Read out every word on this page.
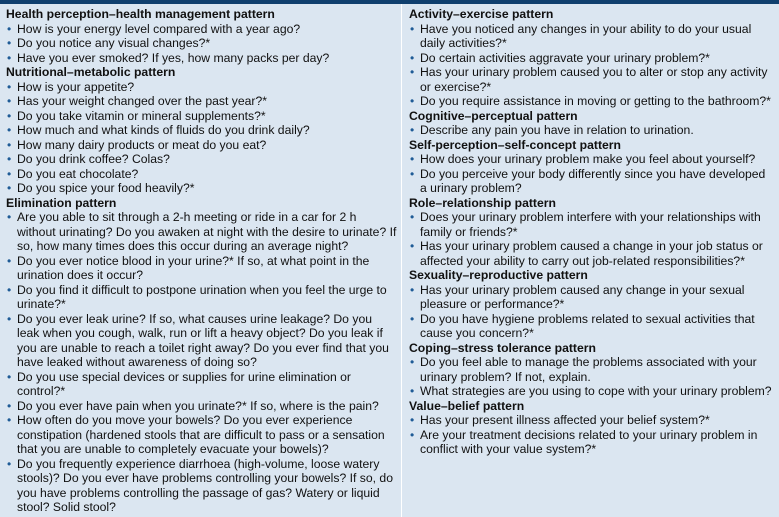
Health perception–health management pattern
• How is your energy level compared with a year ago?
• Do you notice any visual changes?*
• Have you ever smoked? If yes, how many packs per day?
Nutritional–metabolic pattern
• How is your appetite?
• Has your weight changed over the past year?*
• Do you take vitamin or mineral supplements?*
• How much and what kinds of fluids do you drink daily?
• How many dairy products or meat do you eat?
• Do you drink coffee? Colas?
• Do you eat chocolate?
• Do you spice your food heavily?*
Elimination pattern
• Are you able to sit through a 2-h meeting or ride in a car for 2 h without urinating? Do you awaken at night with the desire to urinate? If so, how many times does this occur during an average night?
• Do you ever notice blood in your urine?* If so, at what point in the urination does it occur?
• Do you find it difficult to postpone urination when you feel the urge to urinate?*
• Do you ever leak urine? If so, what causes urine leakage? Do you leak when you cough, walk, run or lift a heavy object? Do you leak if you are unable to reach a toilet right away? Do you ever find that you have leaked without awareness of doing so?
• Do you use special devices or supplies for urine elimination or control?*
• Do you ever have pain when you urinate?* If so, where is the pain?
• How often do you move your bowels? Do you ever experience constipation (hardened stools that are difficult to pass or a sensation that you are unable to completely evacuate your bowels)?
• Do you frequently experience diarrhoea (high-volume, loose watery stools)? Do you ever have problems controlling your bowels? If so, do you have problems controlling the passage of gas? Watery or liquid stool? Solid stool?
Activity–exercise pattern
• Have you noticed any changes in your ability to do your usual daily activities?*
• Do certain activities aggravate your urinary problem?*
• Has your urinary problem caused you to alter or stop any activity or exercise?*
• Do you require assistance in moving or getting to the bathroom?*
Cognitive–perceptual pattern
• Describe any pain you have in relation to urination.
Self-perception–self-concept pattern
• How does your urinary problem make you feel about yourself?
• Do you perceive your body differently since you have developed a urinary problem?
Role–relationship pattern
• Does your urinary problem interfere with your relationships with family or friends?*
• Has your urinary problem caused a change in your job status or affected your ability to carry out job-related responsibilities?*
Sexuality–reproductive pattern
• Has your urinary problem caused any change in your sexual pleasure or performance?*
• Do you have hygiene problems related to sexual activities that cause you concern?*
Coping–stress tolerance pattern
• Do you feel able to manage the problems associated with your urinary problem? If not, explain.
• What strategies are you using to cope with your urinary problem?
Value–belief pattern
• Has your present illness affected your belief system?*
• Are your treatment decisions related to your urinary problem in conflict with your value system?*
